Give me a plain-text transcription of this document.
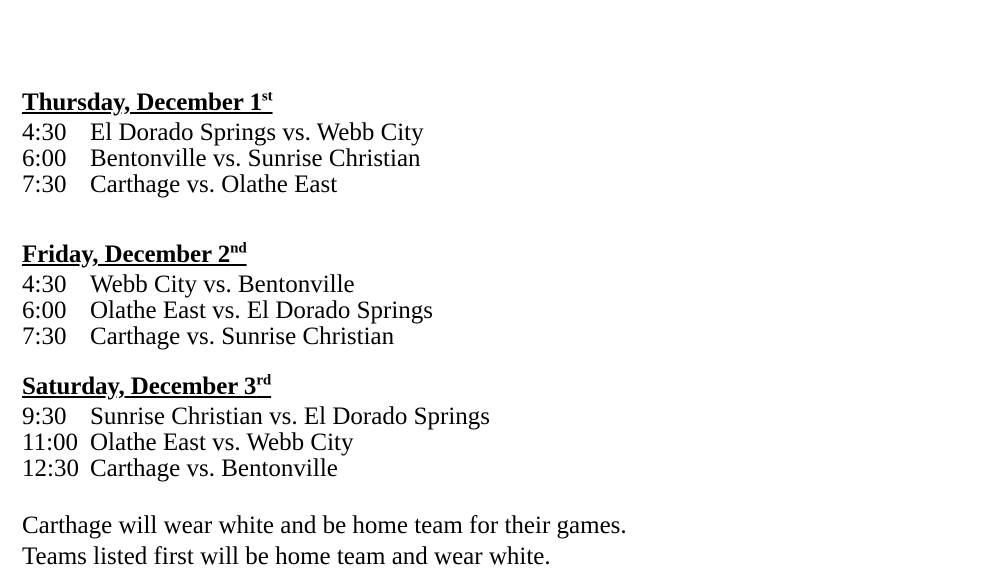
Thursday, December 1st
4:30 El Dorado Springs vs. Webb City
6:00 Bentonville vs. Sunrise Christian
7:30 Carthage vs. Olathe East
Friday, December 2nd
4:30 Webb City vs. Bentonville
6:00 Olathe East vs. El Dorado Springs
7:30 Carthage vs. Sunrise Christian
Saturday, December 3rd
9:30 Sunrise Christian vs. El Dorado Springs
11:00 Olathe East vs. Webb City
12:30 Carthage vs. Bentonville
Carthage will wear white and be home team for their games.
Teams listed first will be home team and wear white.
